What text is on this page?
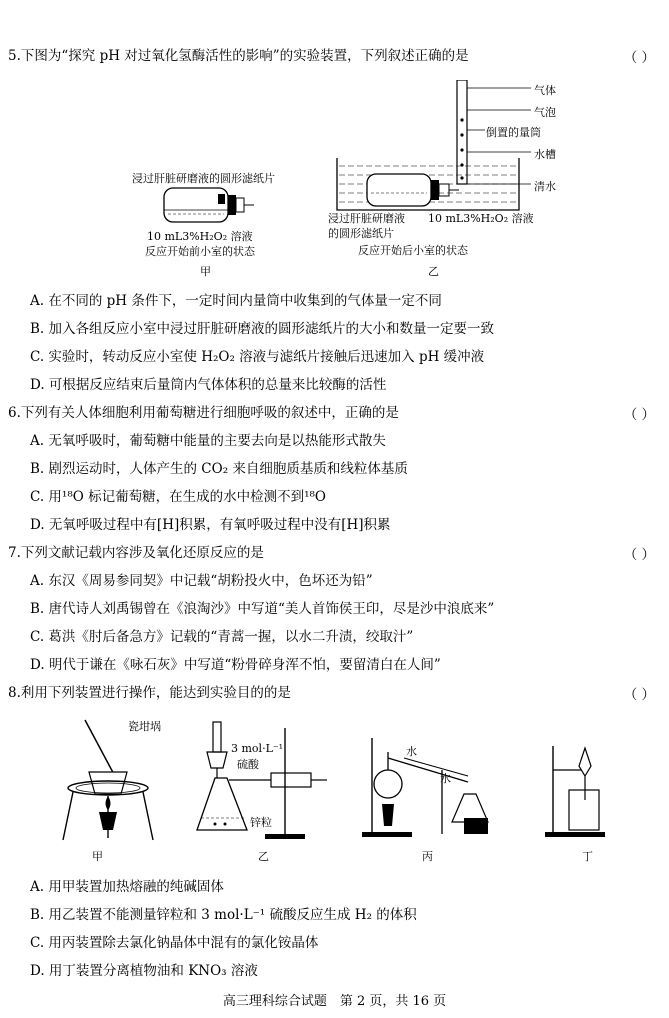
5.下图为“探究 pH 对过氧化氢酶活性的影响”的实验装置，下列叙述正确的是	（ ）
浸过肝脏研磨液的圆形滤纸片
10 mL3%H₂O₂ 溶液
反应开始前小室的状态
甲
气体
气泡
倒置的量筒
水槽
清水
浸过肝脏研磨液
的圆形滤纸片
10 mL3%H₂O₂ 溶液
反应开始后小室的状态
乙
A. 在不同的 pH 条件下，一定时间内量筒中收集到的气体量一定不同
B. 加入各组反应小室中浸过肝脏研磨液的圆形滤纸片的大小和数量一定要一致
C. 实验时，转动反应小室使 H₂O₂ 溶液与滤纸片接触后迅速加入 pH 缓冲液
D. 可根据反应结束后量筒内气体体积的总量来比较酶的活性
6.下列有关人体细胞利用葡萄糖进行细胞呼吸的叙述中，正确的是	（ ）
A. 无氧呼吸时，葡萄糖中能量的主要去向是以热能形式散失
B. 剧烈运动时，人体产生的 CO₂ 来自细胞质基质和线粒体基质
C. 用¹⁸O 标记葡萄糖，在生成的水中检测不到¹⁸O
D. 无氧呼吸过程中有[H]积累，有氧呼吸过程中没有[H]积累
7.下列文献记载内容涉及氧化还原反应的是	（ ）
A. 东汉《周易参同契》中记载“胡粉投火中，色坏还为铅”
B. 唐代诗人刘禹锡曾在《浪淘沙》中写道“美人首饰侯王印，尽是沙中浪底来”
C. 葛洪《肘后备急方》记载的“青蒿一握，以水二升渍，绞取汁”
D. 明代于谦在《咏石灰》中写道“粉骨碎身浑不怕，要留清白在人间”
8.利用下列装置进行操作，能达到实验目的的是	（ ）
瓷坩埚
甲
3 mol·L⁻¹
硫酸
锌粒
乙
水
水
丙	丁
A. 用甲装置加热熔融的纯碱固体
B. 用乙装置不能测量锌粒和 3 mol·L⁻¹ 硫酸反应生成 H₂ 的体积
C. 用丙装置除去氯化钠晶体中混有的氯化铵晶体
D. 用丁装置分离植物油和 KNO₃ 溶液
高三理科综合试题　第 2 页，共 16 页
